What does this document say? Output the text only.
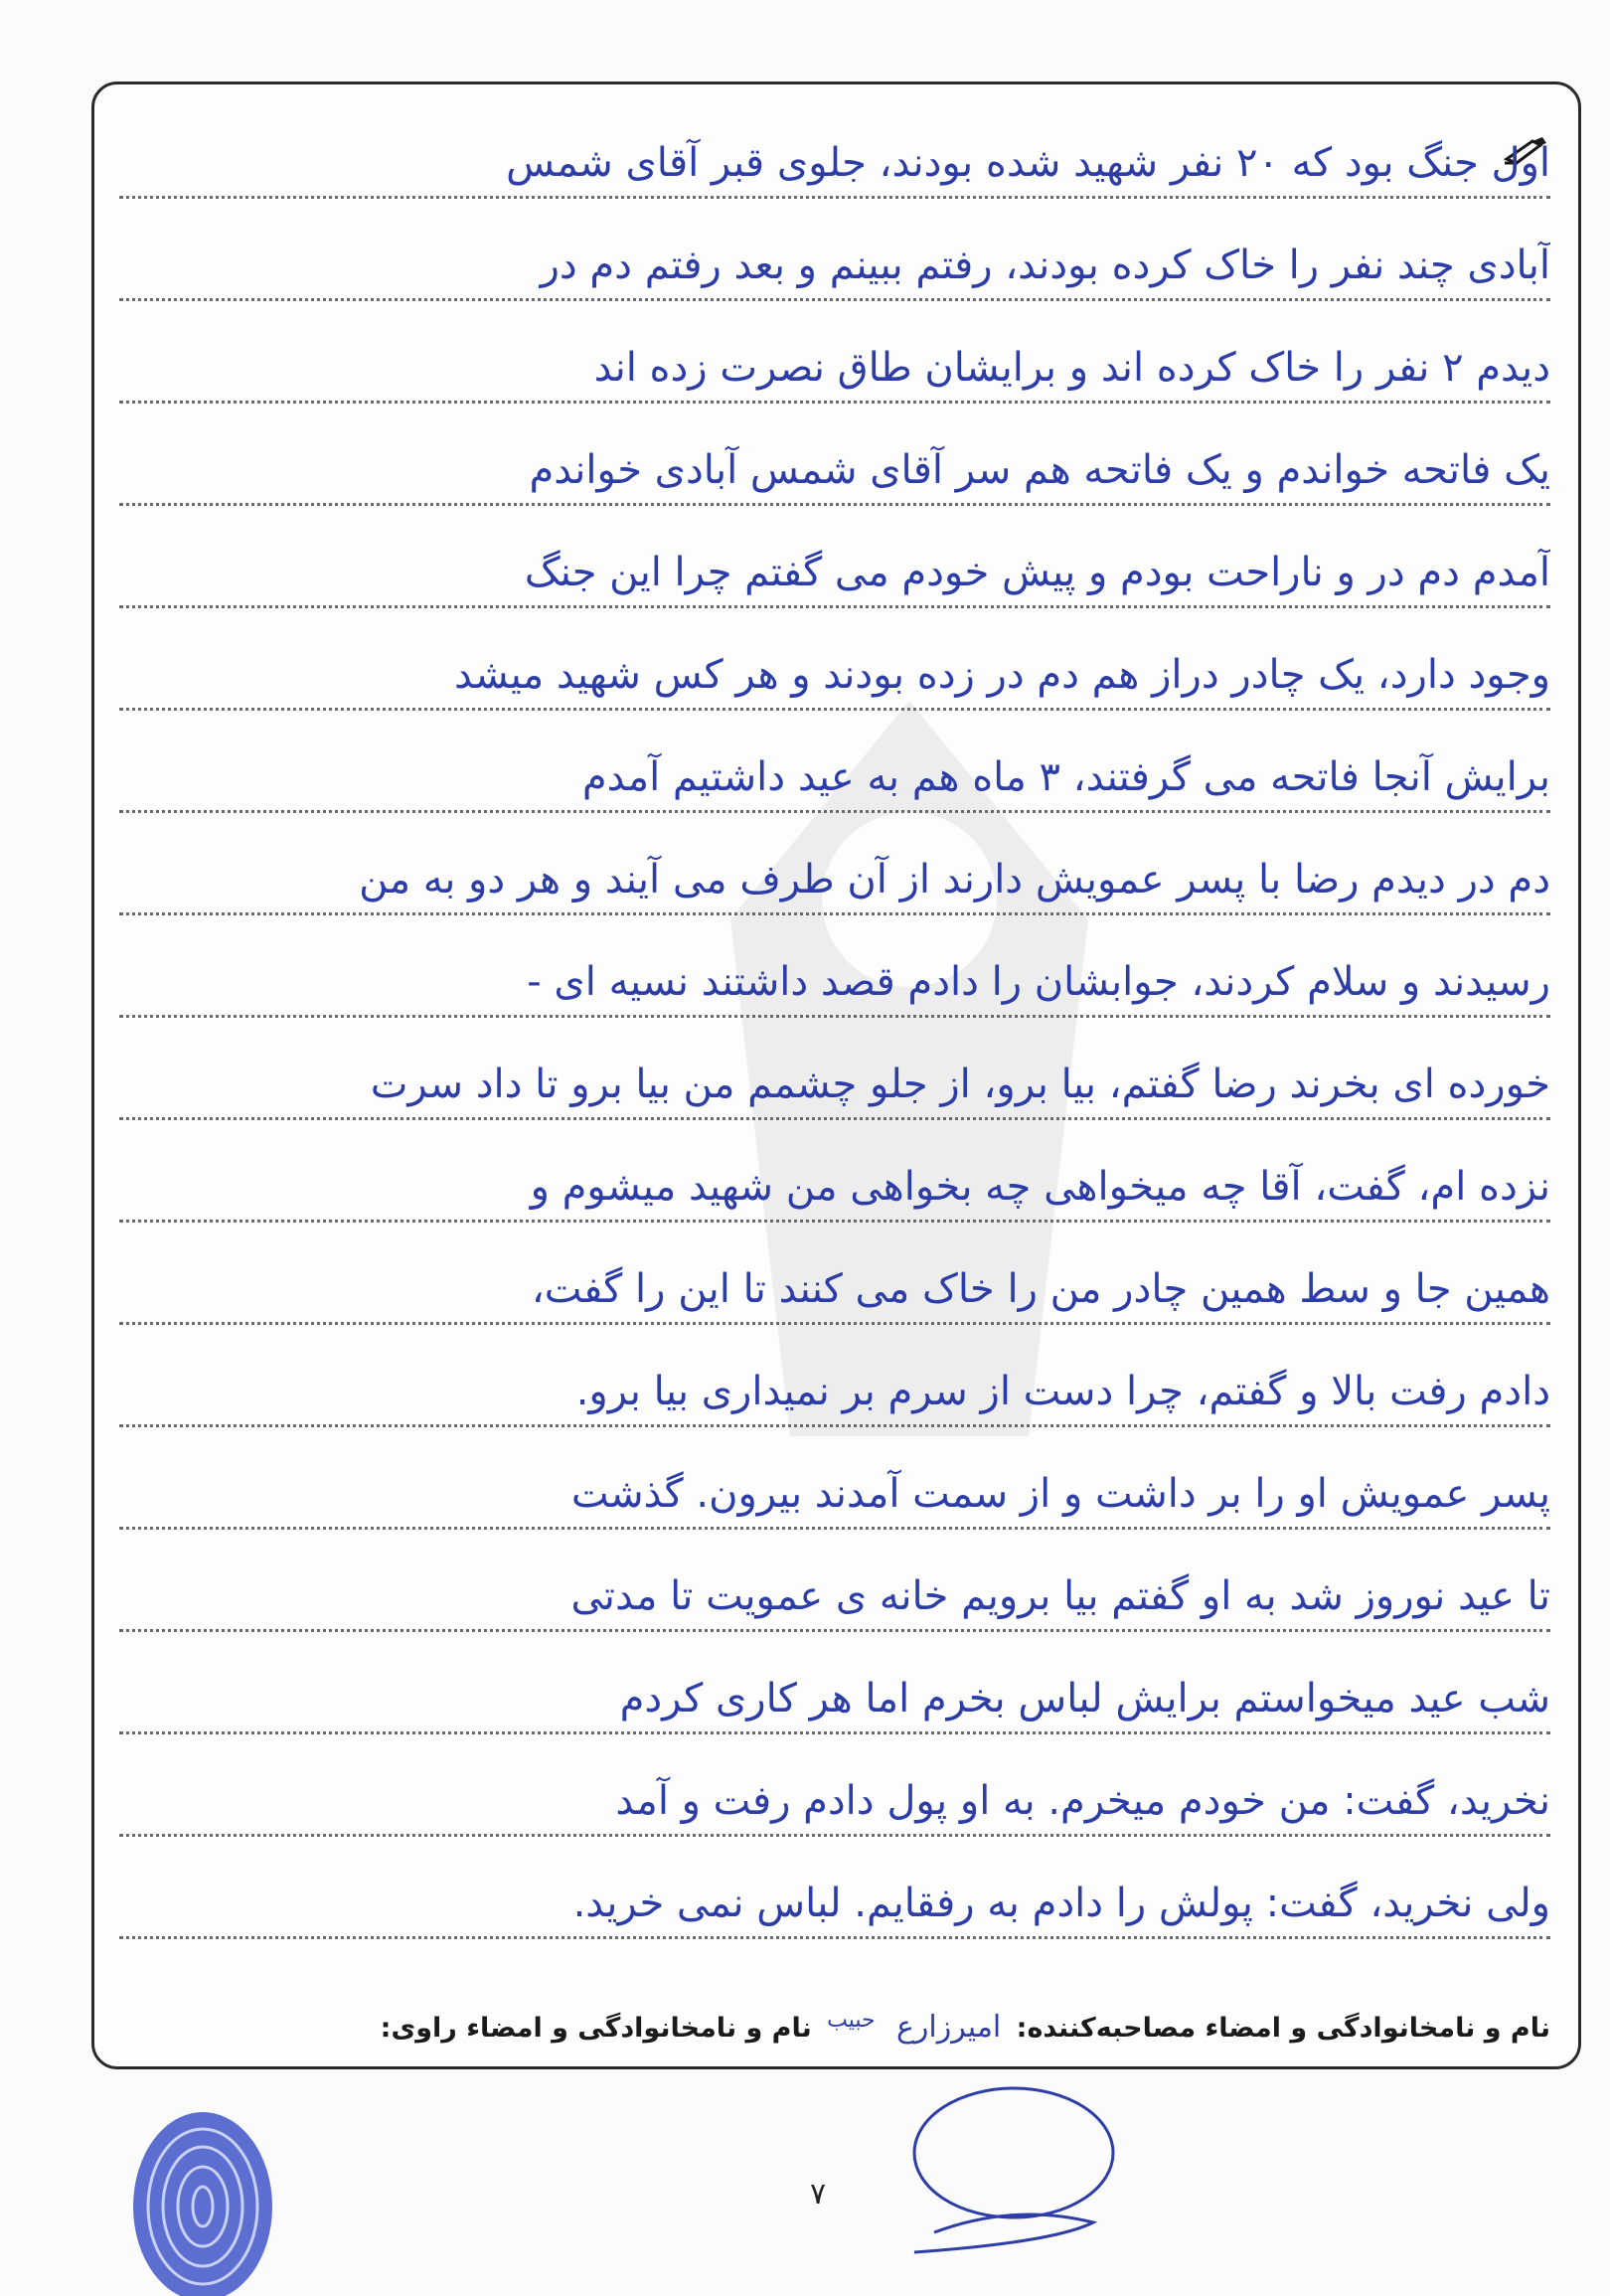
اول جنگ بود که ۲۰ نفر شهید شده بودند، جلوی قبر آقای شمس
آبادی چند نفر را خاک کرده بودند، رفتم ببینم و بعد رفتم دم در
دیدم ۲ نفر را خاک کرده اند و برایشان طاق نصرت زده اند
یک فاتحه خواندم و یک فاتحه هم سر آقای شمس آبادی خواندم
آمدم دم در و ناراحت بودم و پیش خودم می گفتم چرا این جنگ
وجود دارد، یک چادر دراز هم دم در زده بودند و هر کس شهید میشد
برایش آنجا فاتحه می گرفتند، ۳ ماه هم به عید داشتیم آمدم
دم در دیدم رضا با پسر عمویش دارند از آن طرف می آیند و هر دو به من
رسیدند و سلام کردند، جوابشان را دادم قصد داشتند نسیه ای -
خورده ای بخرند رضا گفتم، بیا برو، از جلو چشمم من بیا برو تا داد سرت
نزده ام، گفت، آقا چه میخواهی چه بخواهی من شهید میشوم و
همین جا و سط همین چادر من را خاک می کنند تا این را گفت،
دادم رفت بالا و گفتم، چرا دست از سرم بر نمیداری بیا برو.
پسر عمویش او را بر داشت و از سمت آمدند بیرون. گذشت
تا عید نوروز شد به او گفتم بیا برویم خانه ی عمویت تا مدتی
شب عید میخواستم برایش لباس بخرم اما هر کاری کردم
نخرید، گفت: من خودم میخرم. به او پول دادم رفت و آمد
ولی نخرید، گفت: پولش را دادم به رفقایم. لباس نمی خرید.
نام و نامخانوادگی و امضاء مصاحبه‌کننده: امیرزارع $^{حبیب}$ نام و نامخانوادگی و امضاء راوی:
۷
